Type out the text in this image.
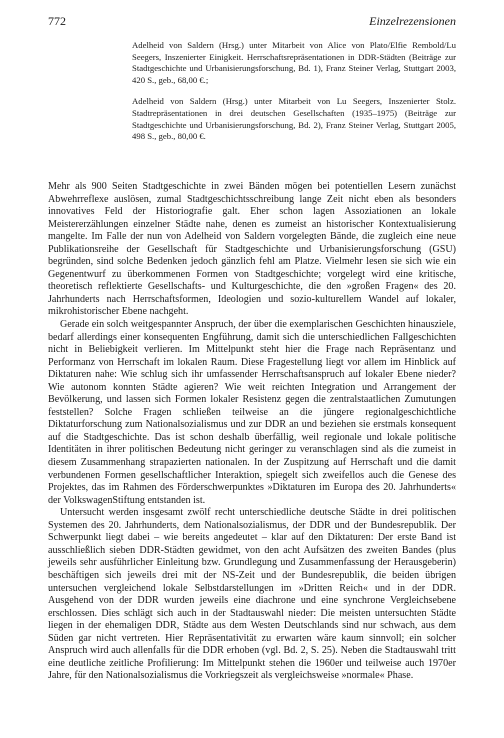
772	Einzelrezensionen

Adelheid von Saldern (Hrsg.) unter Mitarbeit von Alice von Plato/Elfie Rembold/Lu Seegers, Inszenierter Einigkeit. Herrschaftsrepräsentationen in DDR-Städten (Beiträge zur Stadtgeschichte und Urbanisierungsforschung, Bd. 1), Franz Steiner Verlag, Stuttgart 2003, 420 S., geb., 68,00 €.;

Adelheid von Saldern (Hrsg.) unter Mitarbeit von Lu Seegers, Inszenierter Stolz. Stadtrepräsentationen in drei deutschen Gesellschaften (1935–1975) (Beiträge zur Stadtgeschichte und Urbanisierungsforschung, Bd. 2), Franz Steiner Verlag, Stuttgart 2005, 498 S., geb., 80,00 €.

Mehr als 900 Seiten Stadtgeschichte in zwei Bänden mögen bei potentiellen Lesern zunächst Abwehrreflexe auslösen, zumal Stadtgeschichtsschreibung lange Zeit nicht eben als besonders innovatives Feld der Historiografie galt. Eher schon lagen Assoziationen an lokale Meistererzählungen einzelner Städte nahe, denen es zumeist an historischer Kontextualisierung mangelte. Im Falle der nun von Adelheid von Saldern vorgelegten Bände, die zugleich eine neue Publikationsreihe der Gesellschaft für Stadtgeschichte und Urbanisierungsforschung (GSU) begründen, sind solche Bedenken jedoch gänzlich fehl am Platze. Vielmehr lesen sie sich wie ein Gegenentwurf zu überkommenen Formen von Stadtgeschichte; vorgelegt wird eine kritische, theoretisch reflektierte Gesellschafts- und Kulturgeschichte, die den »großen Fragen« des 20. Jahrhunderts nach Herrschaftsformen, Ideologien und sozio-kulturellem Wandel auf lokaler, mikrohistorischer Ebene nachgeht.

Gerade ein solch weitgespannter Anspruch, der über die exemplarischen Geschichten hinausziele, bedarf allerdings einer konsequenten Engführung, damit sich die unterschiedlichen Fallgeschichten nicht in Beliebigkeit verlieren. Im Mittelpunkt steht hier die Frage nach Repräsentanz und Performanz von Herrschaft im lokalen Raum. Diese Fragestellung liegt vor allem im Hinblick auf Diktaturen nahe: Wie schlug sich ihr umfassender Herrschaftsanspruch auf lokaler Ebene nieder? Wie autonom konnten Städte agieren? Wie weit reichten Integration und Arrangement der Bevölkerung, und lassen sich Formen lokaler Resistenz gegen die zentralstaatlichen Zumutungen feststellen? Solche Fragen schließen teilweise an die jüngere regionalgeschichtliche Diktaturforschung zum Nationalsozialismus und zur DDR an und beziehen sie erstmals konsequent auf die Stadtgeschichte. Das ist schon deshalb überfällig, weil regionale und lokale politische Identitäten in ihrer politischen Bedeutung nicht geringer zu veranschlagen sind als die zumeist in diesem Zusammenhang strapazierten nationalen. In der Zuspitzung auf Herrschaft und die damit verbundenen Formen gesellschaftlicher Interaktion, spiegelt sich zweifellos auch die Genese des Projektes, das im Rahmen des Förderschwerpunktes »Diktaturen im Europa des 20. Jahrhunderts« der VolkswagenStiftung entstanden ist.

Untersucht werden insgesamt zwölf recht unterschiedliche deutsche Städte in drei politischen Systemen des 20. Jahrhunderts, dem Nationalsozialismus, der DDR und der Bundesrepublik. Der Schwerpunkt liegt dabei – wie bereits angedeutet – klar auf den Diktaturen: Der erste Band ist ausschließlich sieben DDR-Städten gewidmet, von den acht Aufsätzen des zweiten Bandes (plus jeweils sehr ausführlicher Einleitung bzw. Grundlegung und Zusammenfassung der Herausgeberin) beschäftigen sich jeweils drei mit der NS-Zeit und der Bundesrepublik, die beiden übrigen untersuchen vergleichend lokale Selbstdarstellungen im »Dritten Reich« und in der DDR. Ausgehend von der DDR wurden jeweils eine diachrone und eine synchrone Vergleichsebene erschlossen. Dies schlägt sich auch in der Stadtauswahl nieder: Die meisten untersuchten Städte liegen in der ehemaligen DDR, Städte aus dem Westen Deutschlands sind nur schwach, aus dem Süden gar nicht vertreten. Hier Repräsentativität zu erwarten wäre kaum sinnvoll; ein solcher Anspruch wird auch allenfalls für die DDR erhoben (vgl. Bd. 2, S. 25). Neben die Stadtauswahl tritt eine deutliche zeitliche Profilierung: Im Mittelpunkt stehen die 1960er und teilweise auch 1970er Jahre, für den Nationalsozialismus die Vorkriegszeit als vergleichsweise »normale« Phase.
